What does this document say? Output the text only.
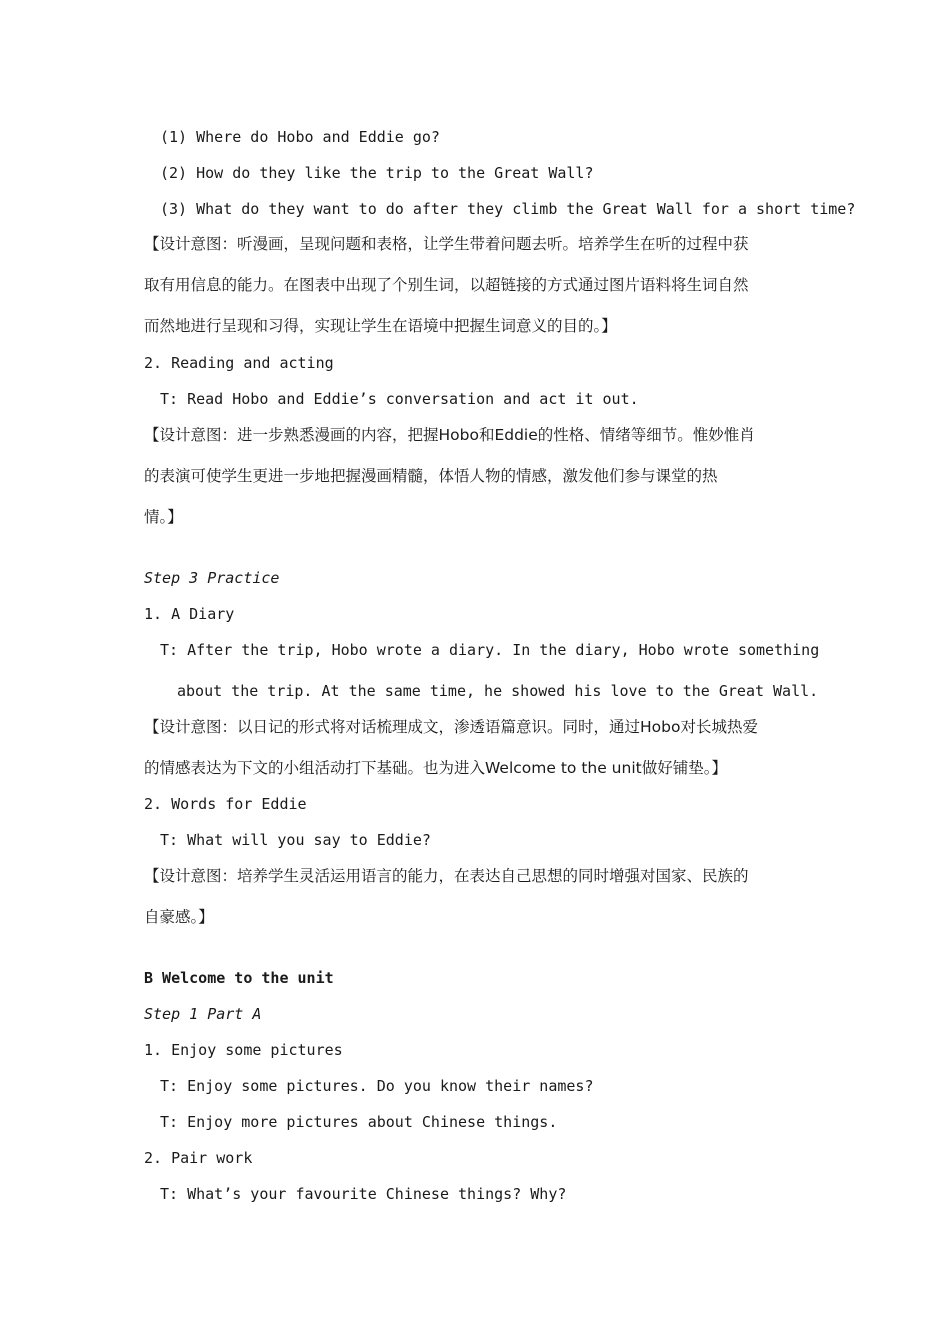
(1) Where do Hobo and Eddie go?
(2) How do they like the trip to the Great Wall?
(3) What do they want to do after they climb the Great Wall for a short time?
【设计意图：听漫画，呈现问题和表格，让学生带着问题去听。培养学生在听的过程中获
取有用信息的能力。在图表中出现了个别生词，以超链接的方式通过图片语料将生词自然
而然地进行呈现和习得，实现让学生在语境中把握生词意义的目的。】
2. Reading and acting
T: Read Hobo and Eddie’s conversation and act it out.
【设计意图：进一步熟悉漫画的内容，把握Hobo和Eddie的性格、情绪等细节。惟妙惟肖
的表演可使学生更进一步地把握漫画精髓，体悟人物的情感，激发他们参与课堂的热
情。】
Step 3 Practice
1. A Diary
T: After the trip, Hobo wrote a diary. In the diary, Hobo wrote something
about the trip. At the same time, he showed his love to the Great Wall.
【设计意图：以日记的形式将对话梳理成文，渗透语篇意识。同时，通过Hobo对长城热爱
的情感表达为下文的小组活动打下基础。也为进入Welcome to the unit做好铺垫。】
2. Words for Eddie
T: What will you say to Eddie?
【设计意图：培养学生灵活运用语言的能力，在表达自己思想的同时增强对国家、民族的
自豪感。】
B Welcome to the unit
Step 1 Part A
1. Enjoy some pictures
T: Enjoy some pictures. Do you know their names?
T: Enjoy more pictures about Chinese things.
2. Pair work
T: What’s your favourite Chinese things? Why?
